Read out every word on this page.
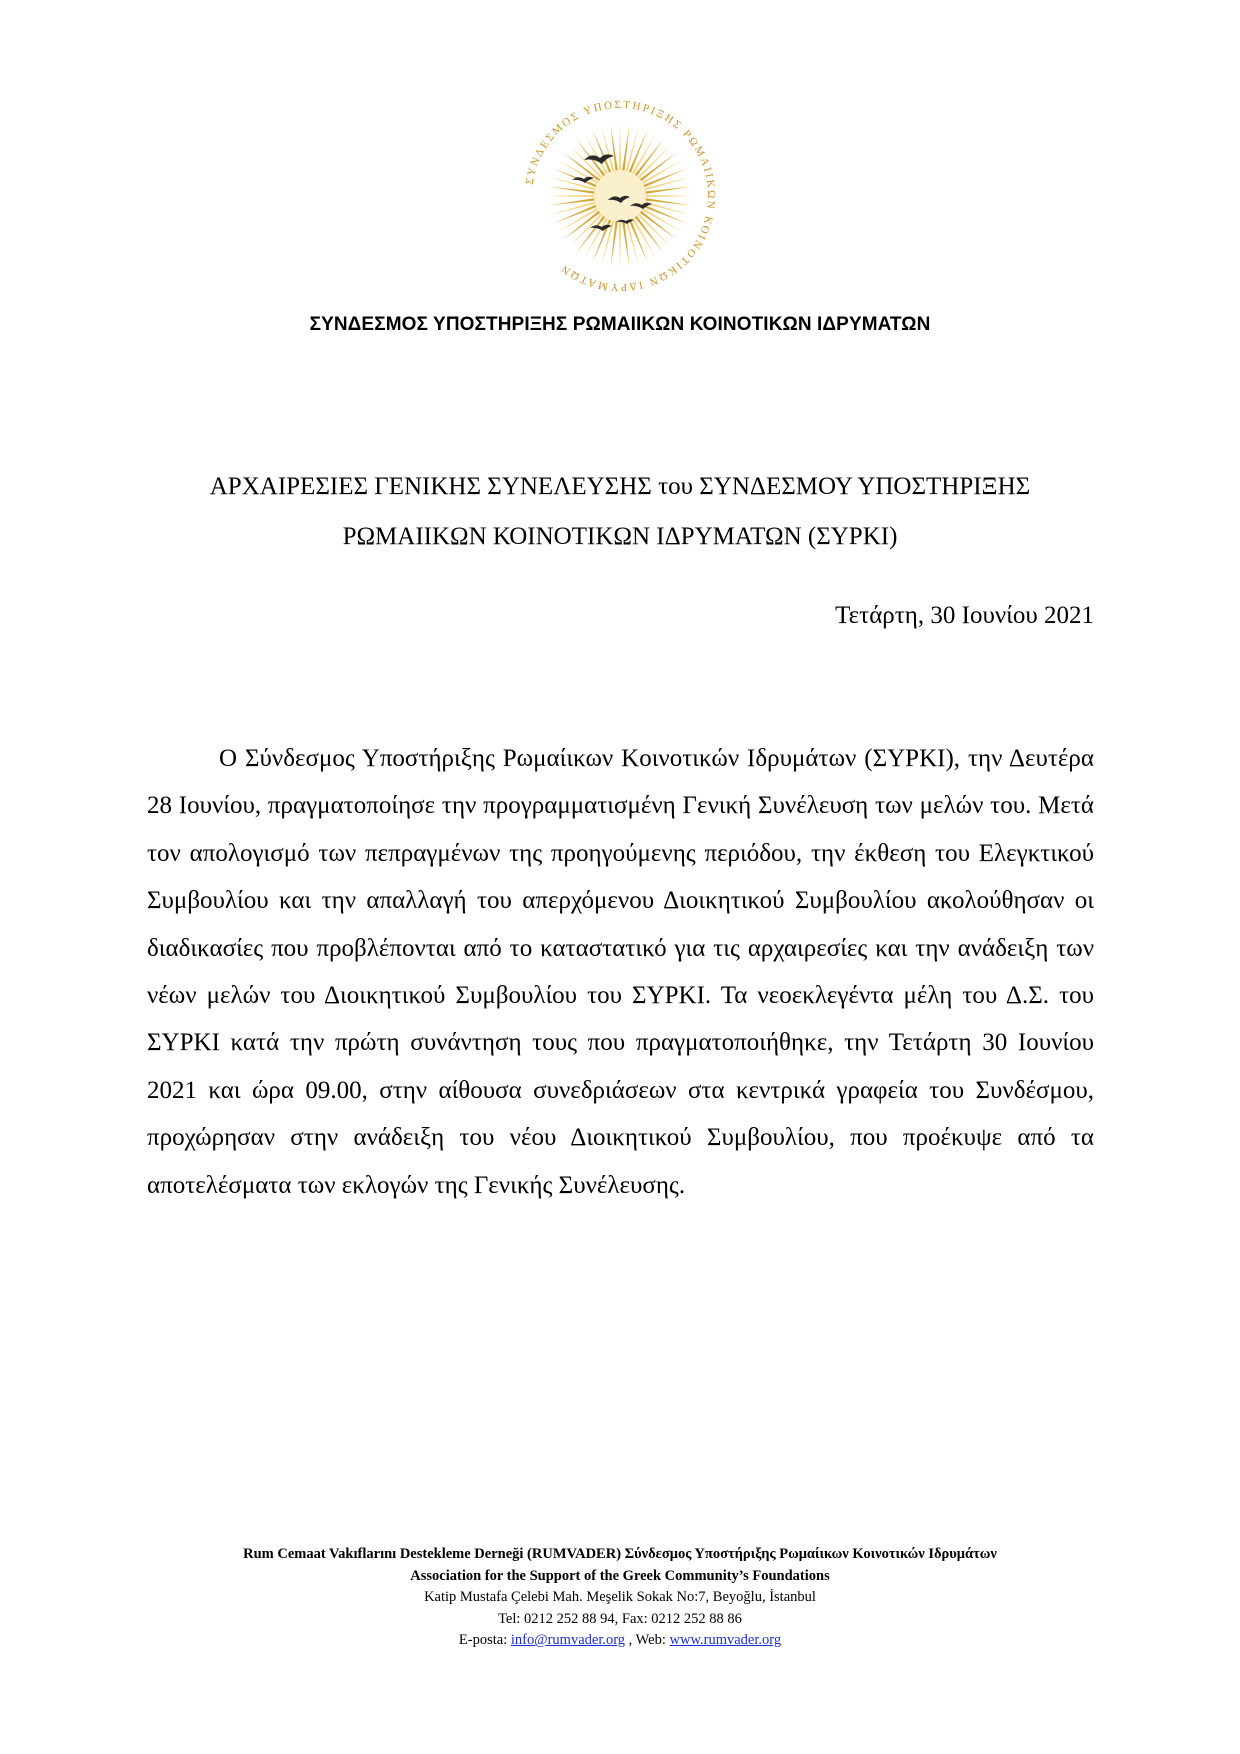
ΣΥΝΔΕΣΜΟΣ ΥΠΟΣΤΗΡΙΞΗΣ ΡΩΜΑΙΙΚΩΝ ΚΟΙΝΟΤΙΚΩΝ ΙΔΡΥΜΑΤΩΝ
ΣΥΝΔΕΣΜΟΣ ΥΠΟΣΤΗΡΙΞΗΣ ΡΩΜΑΙΙΚΩΝ ΚΟΙΝΟΤΙΚΩΝ ΙΔΡΥΜΑΤΩΝ
ΑΡΧΑΙΡΕΣΙΕΣ ΓΕΝΙΚΗΣ ΣΥΝΕΛΕΥΣΗΣ του ΣΥΝΔΕΣΜΟΥ ΥΠΟΣΤΗΡΙΞΗΣ
ΡΩΜΑΙΙΚΩΝ ΚΟΙΝΟΤΙΚΩΝ ΙΔΡΥΜΑΤΩΝ (ΣΥΡΚΙ)
Τετάρτη, 30 Ιουνίου 2021

Ο Σύνδεσμος Υποστήριξης Ρωμαίικων Κοινοτικών Ιδρυμάτων (ΣΥΡΚΙ), την Δευτέρα 28 Ιουνίου, πραγματοποίησε την προγραμματισμένη Γενική Συνέλευση των μελών του. Μετά τον απολογισμό των πεπραγμένων της προηγούμενης περιόδου, την έκθεση του Ελεγκτικού Συμβουλίου και την απαλλαγή του απερχόμενου Διοικητικού Συμβουλίου ακολούθησαν οι διαδικασίες που προβλέπονται από το καταστατικό για τις αρχαιρεσίες και την ανάδειξη των νέων μελών του Διοικητικού Συμβουλίου του ΣΥΡΚΙ. Τα νεοεκλεγέντα μέλη του Δ.Σ. του ΣΥΡΚΙ κατά την πρώτη συνάντηση τους που πραγματοποιήθηκε, την Τετάρτη 30 Ιουνίου 2021 και ώρα 09.00, στην αίθουσα συνεδριάσεων στα κεντρικά γραφεία του Συνδέσμου, προχώρησαν στην ανάδειξη του νέου Διοικητικού Συμβουλίου, που προέκυψε από τα αποτελέσματα των εκλογών της Γενικής Συνέλευσης.

Rum Cemaat Vakıflarını Destekleme Derneği (RUMVADER) Σύνδεσμος Υποστήριξης Ρωμαίικων Κοινοτικών Ιδρυμάτων
Association for the Support of the Greek Community’s Foundations
Katip Mustafa Çelebi Mah. Meşelik Sokak No:7, Beyoğlu, İstanbul
Tel: 0212 252 88 94, Fax: 0212 252 88 86
E-posta: info@rumvader.org , Web: www.rumvader.org
